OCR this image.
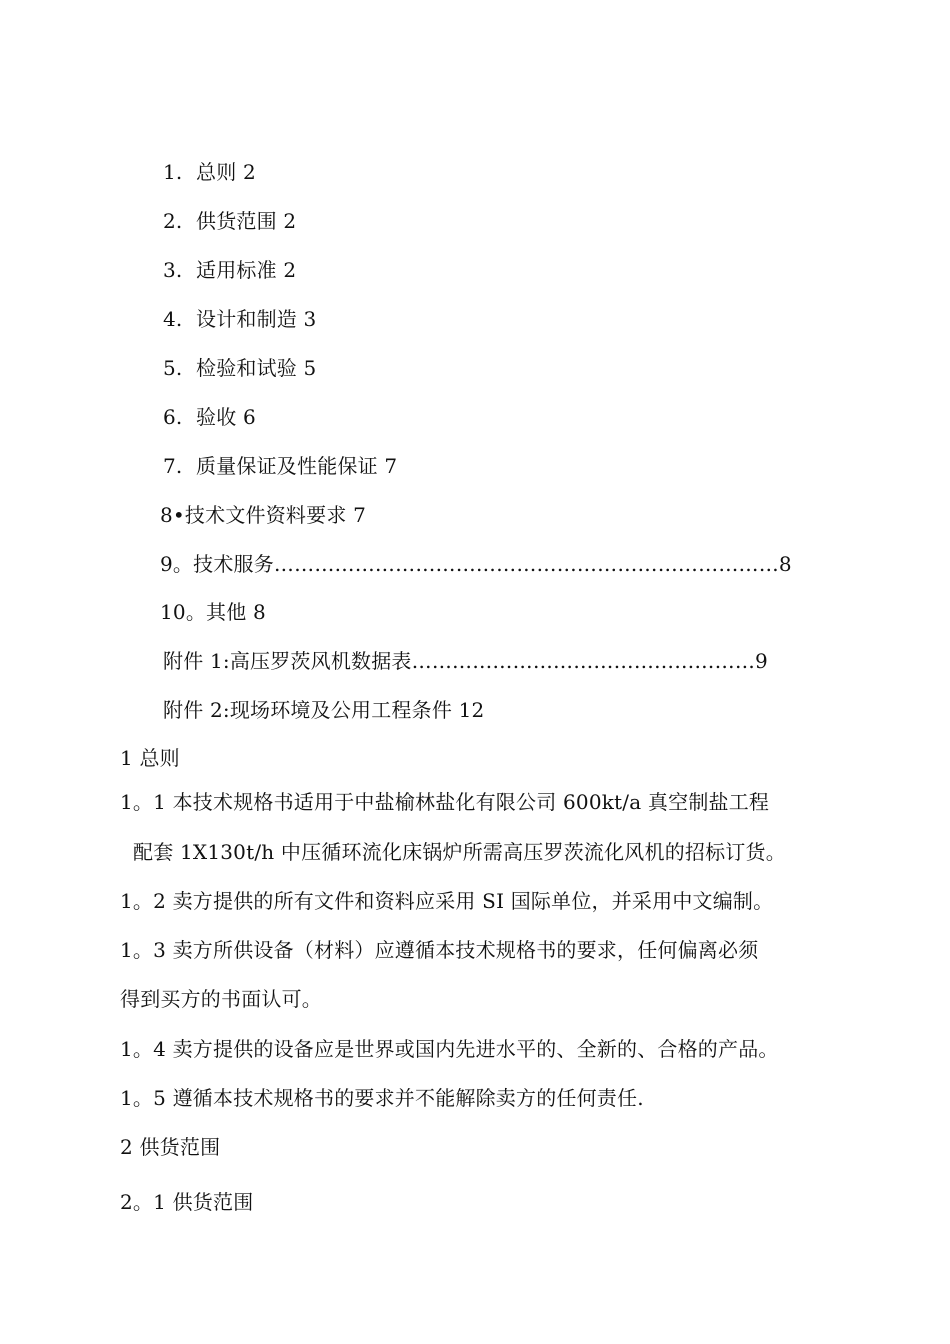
1. 总则 2
2. 供货范围 2
3. 适用标准 2
4. 设计和制造 3
5. 检验和试验 5
6. 验收 6
7. 质量保证及性能保证 7
8•技术文件资料要求 7
9。技术服务…………………………………………………………………8
10。其他 8
附件 1:高压罗茨风机数据表……………………………………………9
附件 2:现场环境及公用工程条件 12
1 总则
1。1 本技术规格书适用于中盐榆林盐化有限公司 600kt/a 真空制盐工程
配套 1X130t/h 中压循环流化床锅炉所需高压罗茨流化风机的招标订货。
1。2 卖方提供的所有文件和资料应采用 SI 国际单位，并采用中文编制。
1。3 卖方所供设备（材料）应遵循本技术规格书的要求，任何偏离必须
得到买方的书面认可。
1。4 卖方提供的设备应是世界或国内先进水平的、全新的、合格的产品。
1。5 遵循本技术规格书的要求并不能解除卖方的任何责任.
2 供货范围
2。1 供货范围
